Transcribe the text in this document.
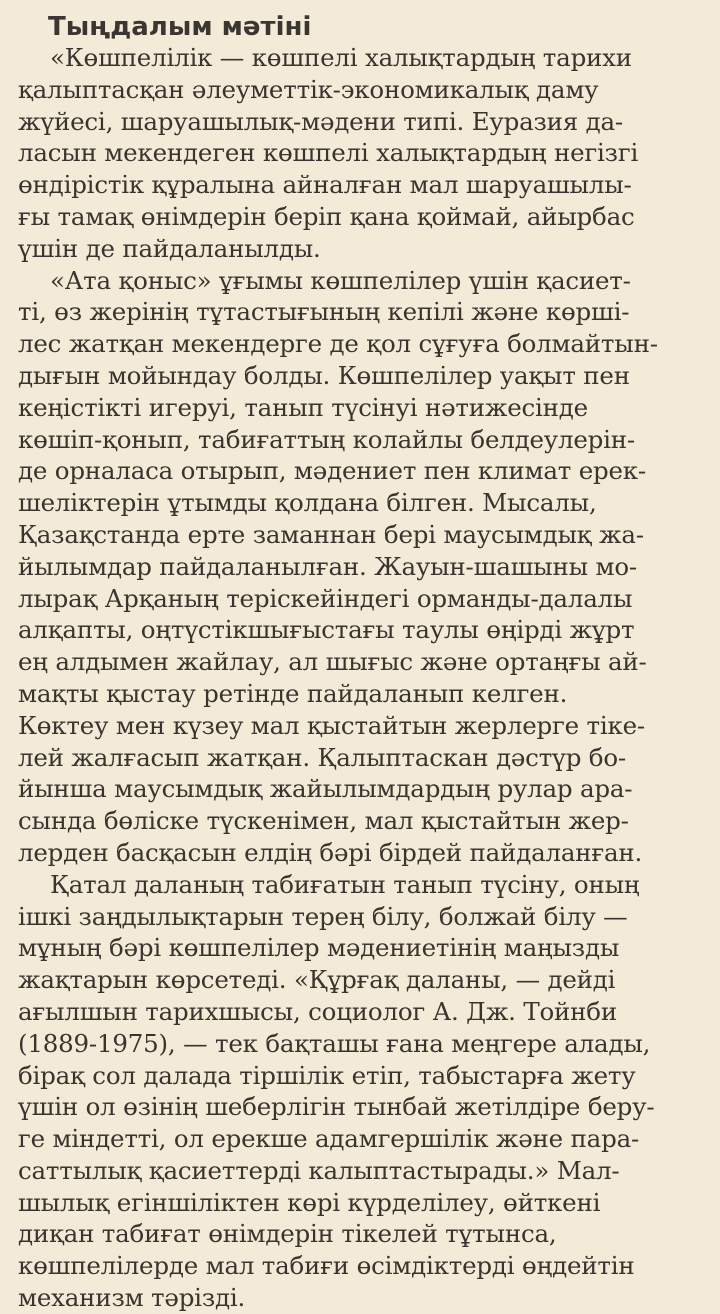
Тыңдалым мәтіні
«Көшпелілік — көшпелі халықтардың тарихи
қалыптасқан әлеуметтік-экономикалық даму
жүйесі, шаруашылық-мәдени типі. Еуразия да-
ласын мекендеген көшпелі халықтардың негізгі
өндірістік құралына айналған мал шаруашылы-
ғы тамақ өнімдерін беріп қана қоймай, айырбас
үшін де пайдаланылды.
«Ата қоныс» ұғымы көшпелілер үшін қасиет-
ті, өз жерінің тұтастығының кепілі және көрші-
лес жатқан мекендерге де қол сұғуға болмайтын-
дығын мойындау болды. Көшпелілер уақыт пен
кеңістікті игеруі, танып түсінуі нәтижесінде
көшіп-қонып, табиғаттың колайлы белдеулерін-
де орналаса отырып, мәдениет пен климат ерек-
шеліктерін ұтымды қолдана білген. Мысалы,
Қазақстанда ерте заманнан бері маусымдық жа-
йылымдар пайдаланылған. Жауын-шашыны мо-
лырақ Арқаның терiскейіндегі орманды-далалы
алқапты, оңтүстікшығыстағы таулы өңірді жұрт
ең алдымен жайлау, ал шығыс және ортаңғы ай-
мақты қыстау ретінде пайдаланып келген.
Көктеу мен күзеу мал қыстайтын жерлерге тіке-
лей жалғасып жатқан. Қалыптаскан дәстүр бо-
йынша маусымдық жайылымдардың рулар ара-
сында бөліске түскенімен, мал қыстайтын жер-
лерден басқасын елдің бәрі бірдей пайдаланған.
Қатал даланың табиғатын танып түсіну, оның
ішкі заңдылықтарын терең білу, болжай білу —
мұның бәрі көшпелілер мәдениетінің маңызды
жақтарын көрсетеді. «Құрғақ даланы, — дейді
ағылшын тарихшысы, социолог А. Дж. Тойнби
(1889-1975), — тек бақташы ғана меңгере алады,
бірақ сол далада тіршілік етіп, табыстарға жету
үшін ол өзінің шеберлігін тынбай жетілдіре беру-
ге міндетті, ол ерекше адамгершілік және пара-
саттылық қасиеттерді калыптастырады.» Мал-
шылық егіншіліктен көрі күрделілеу, өйткені
диқан табиғат өнімдерін тікелей тұтынса,
көшпелілерде мал табиғи өсімдіктерді өңдейтін
механизм тәрізді.
